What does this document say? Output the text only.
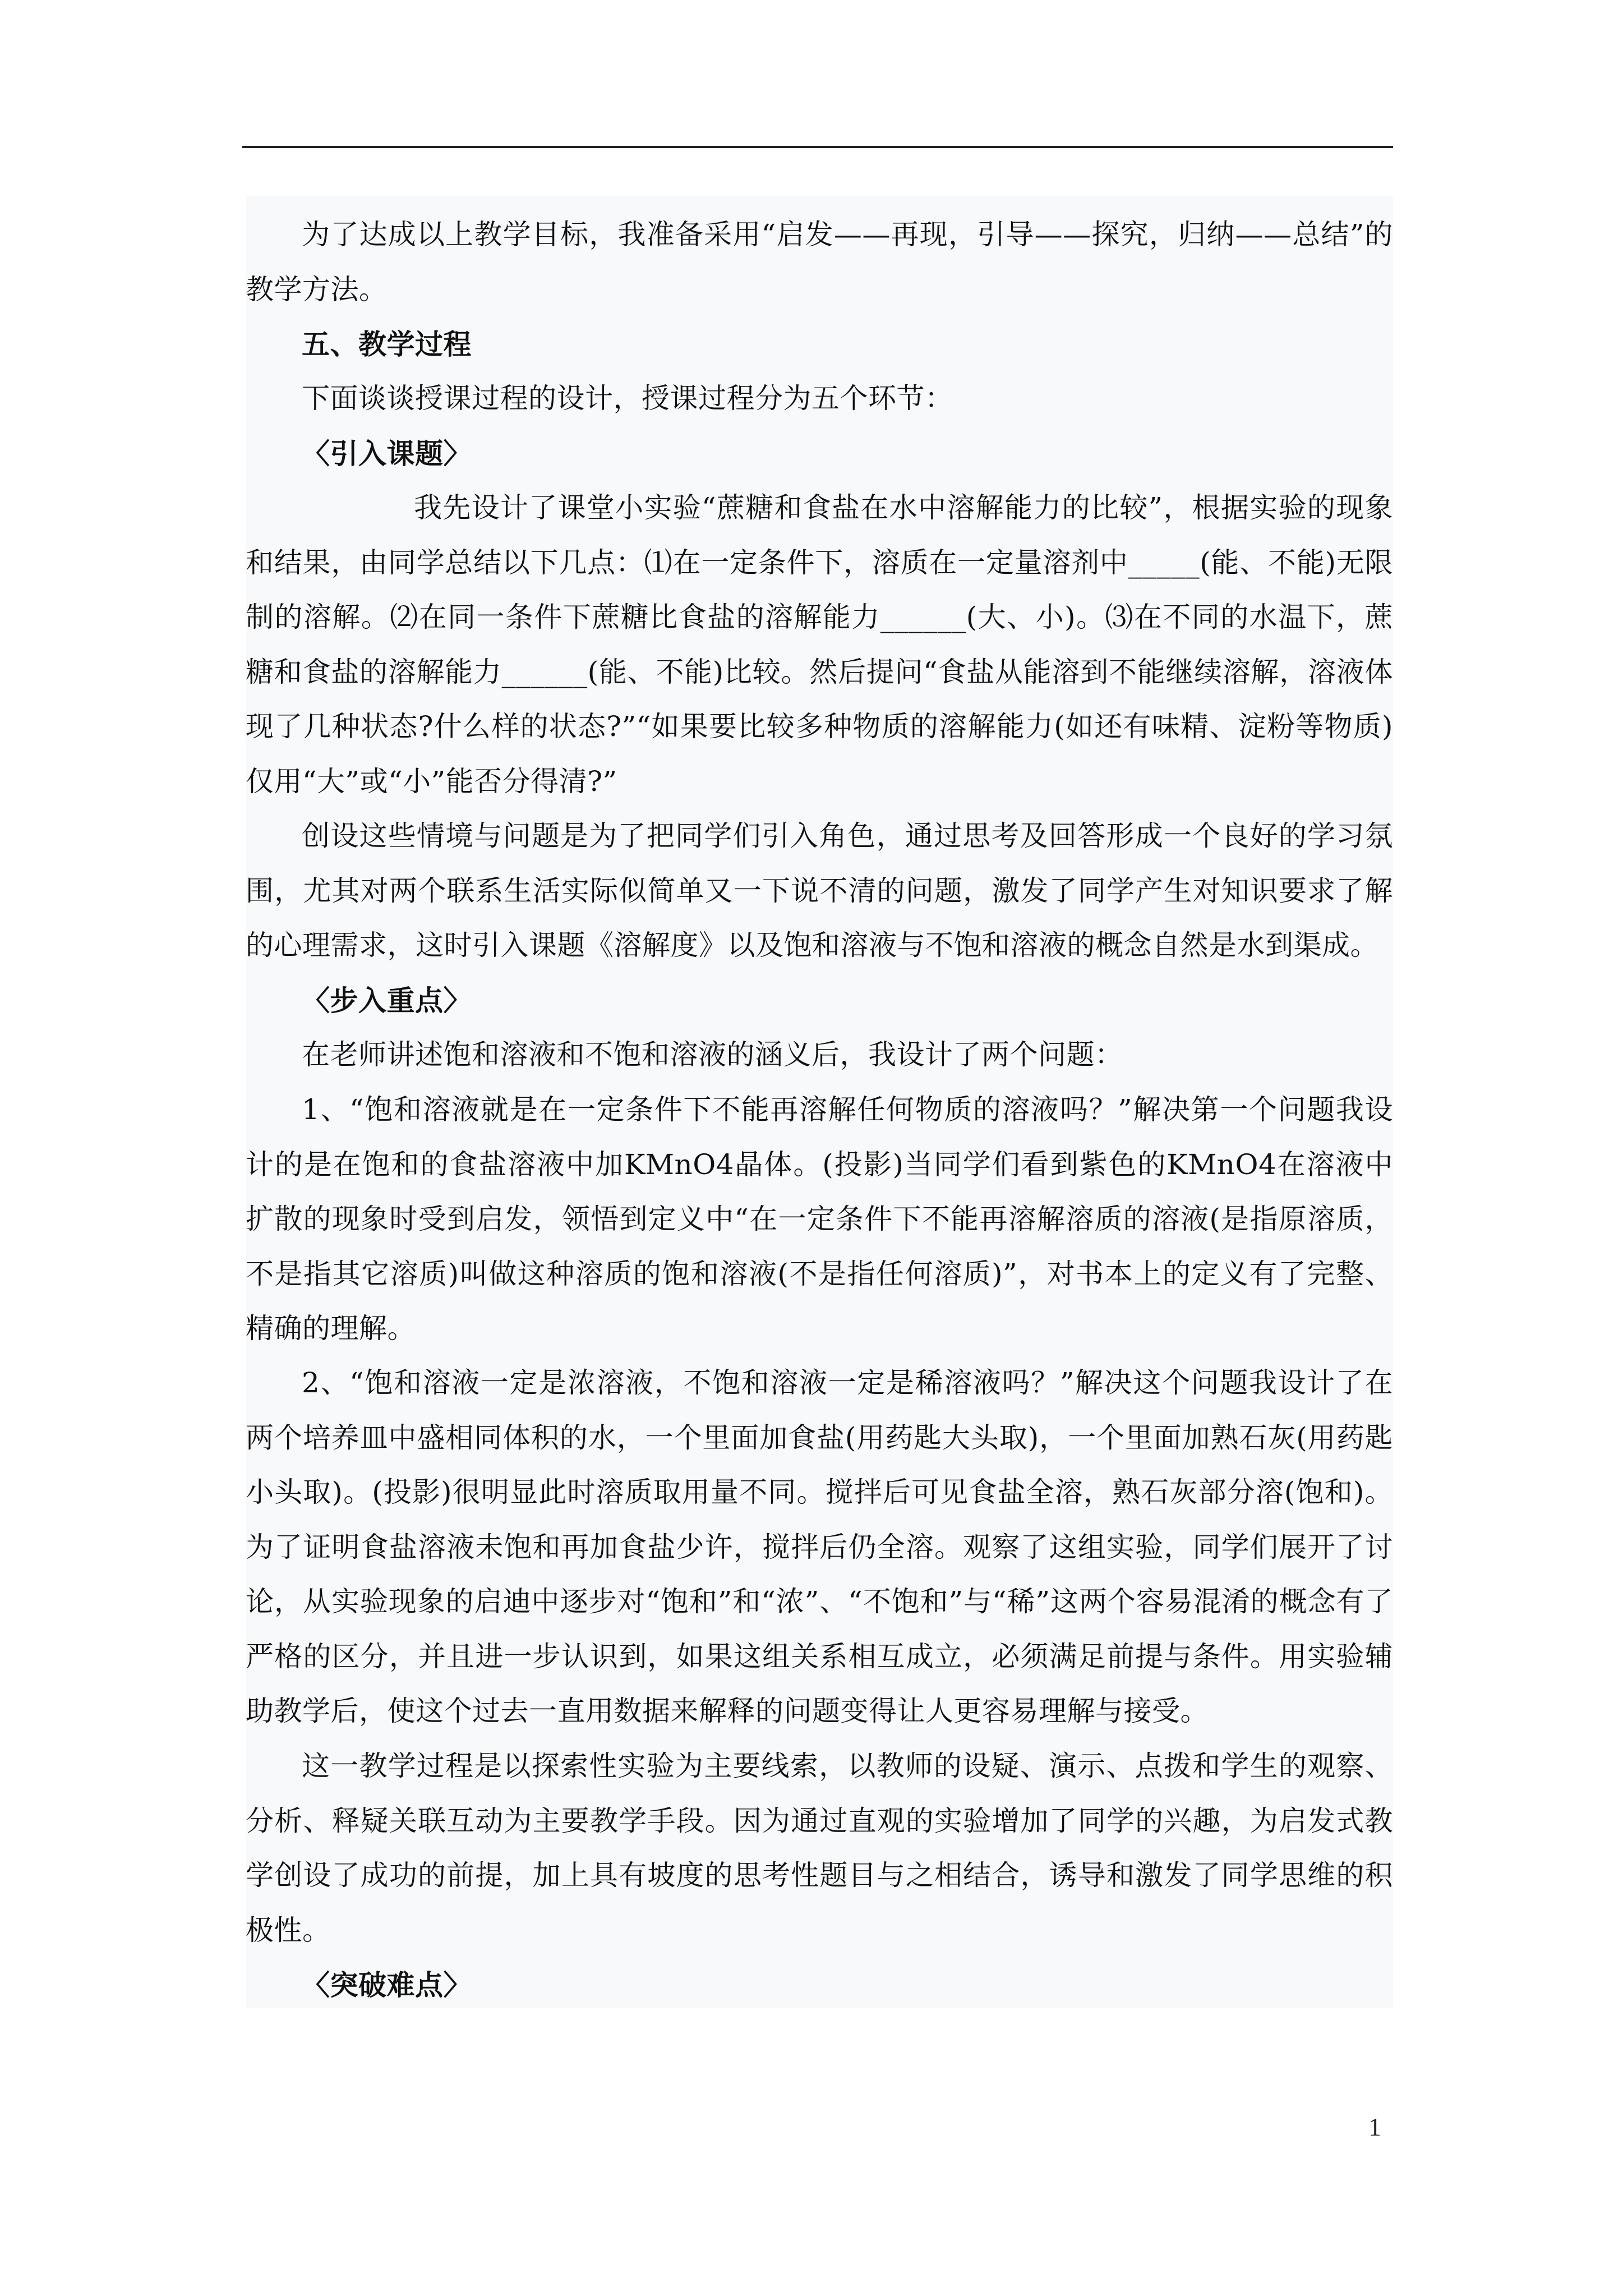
为了达成以上教学目标，我准备采用“启发——再现，引导——探究，归纳——总结”的教学方法。

五、教学过程

下面谈谈授课过程的设计，授课过程分为五个环节：

〈引入课题〉

我先设计了课堂小实验“蔗糖和食盐在水中溶解能力的比较”，根据实验的现象和结果，由同学总结以下几点：⑴在一定条件下，溶质在一定量溶剂中_____(能、不能)无限制的溶解。⑵在同一条件下蔗糖比食盐的溶解能力______(大、小)。⑶在不同的水温下，蔗糖和食盐的溶解能力______(能、不能)比较。然后提问“食盐从能溶到不能继续溶解，溶液体现了几种状态?什么样的状态?”“如果要比较多种物质的溶解能力(如还有味精、淀粉等物质)仅用“大”或“小”能否分得清?”

创设这些情境与问题是为了把同学们引入角色，通过思考及回答形成一个良好的学习氛围，尤其对两个联系生活实际似简单又一下说不清的问题，激发了同学产生对知识要求了解的心理需求，这时引入课题《溶解度》以及饱和溶液与不饱和溶液的概念自然是水到渠成。

〈步入重点〉

在老师讲述饱和溶液和不饱和溶液的涵义后，我设计了两个问题：

1、“饱和溶液就是在一定条件下不能再溶解任何物质的溶液吗？”解决第一个问题我设计的是在饱和的食盐溶液中加KMnO4晶体。(投影)当同学们看到紫色的KMnO4在溶液中扩散的现象时受到启发，领悟到定义中“在一定条件下不能再溶解溶质的溶液(是指原溶质，不是指其它溶质)叫做这种溶质的饱和溶液(不是指任何溶质)”，对书本上的定义有了完整、精确的理解。

2、“饱和溶液一定是浓溶液，不饱和溶液一定是稀溶液吗？”解决这个问题我设计了在两个培养皿中盛相同体积的水，一个里面加食盐(用药匙大头取)，一个里面加熟石灰(用药匙小头取)。(投影)很明显此时溶质取用量不同。搅拌后可见食盐全溶，熟石灰部分溶(饱和)。为了证明食盐溶液未饱和再加食盐少许，搅拌后仍全溶。观察了这组实验，同学们展开了讨论，从实验现象的启迪中逐步对“饱和”和“浓”、“不饱和”与“稀”这两个容易混淆的概念有了严格的区分，并且进一步认识到，如果这组关系相互成立，必须满足前提与条件。用实验辅助教学后，使这个过去一直用数据来解释的问题变得让人更容易理解与接受。

这一教学过程是以探索性实验为主要线索，以教师的设疑、演示、点拨和学生的观察、分析、释疑关联互动为主要教学手段。因为通过直观的实验增加了同学的兴趣，为启发式教学创设了成功的前提，加上具有坡度的思考性题目与之相结合，诱导和激发了同学思维的积极性。

〈突破难点〉

1
